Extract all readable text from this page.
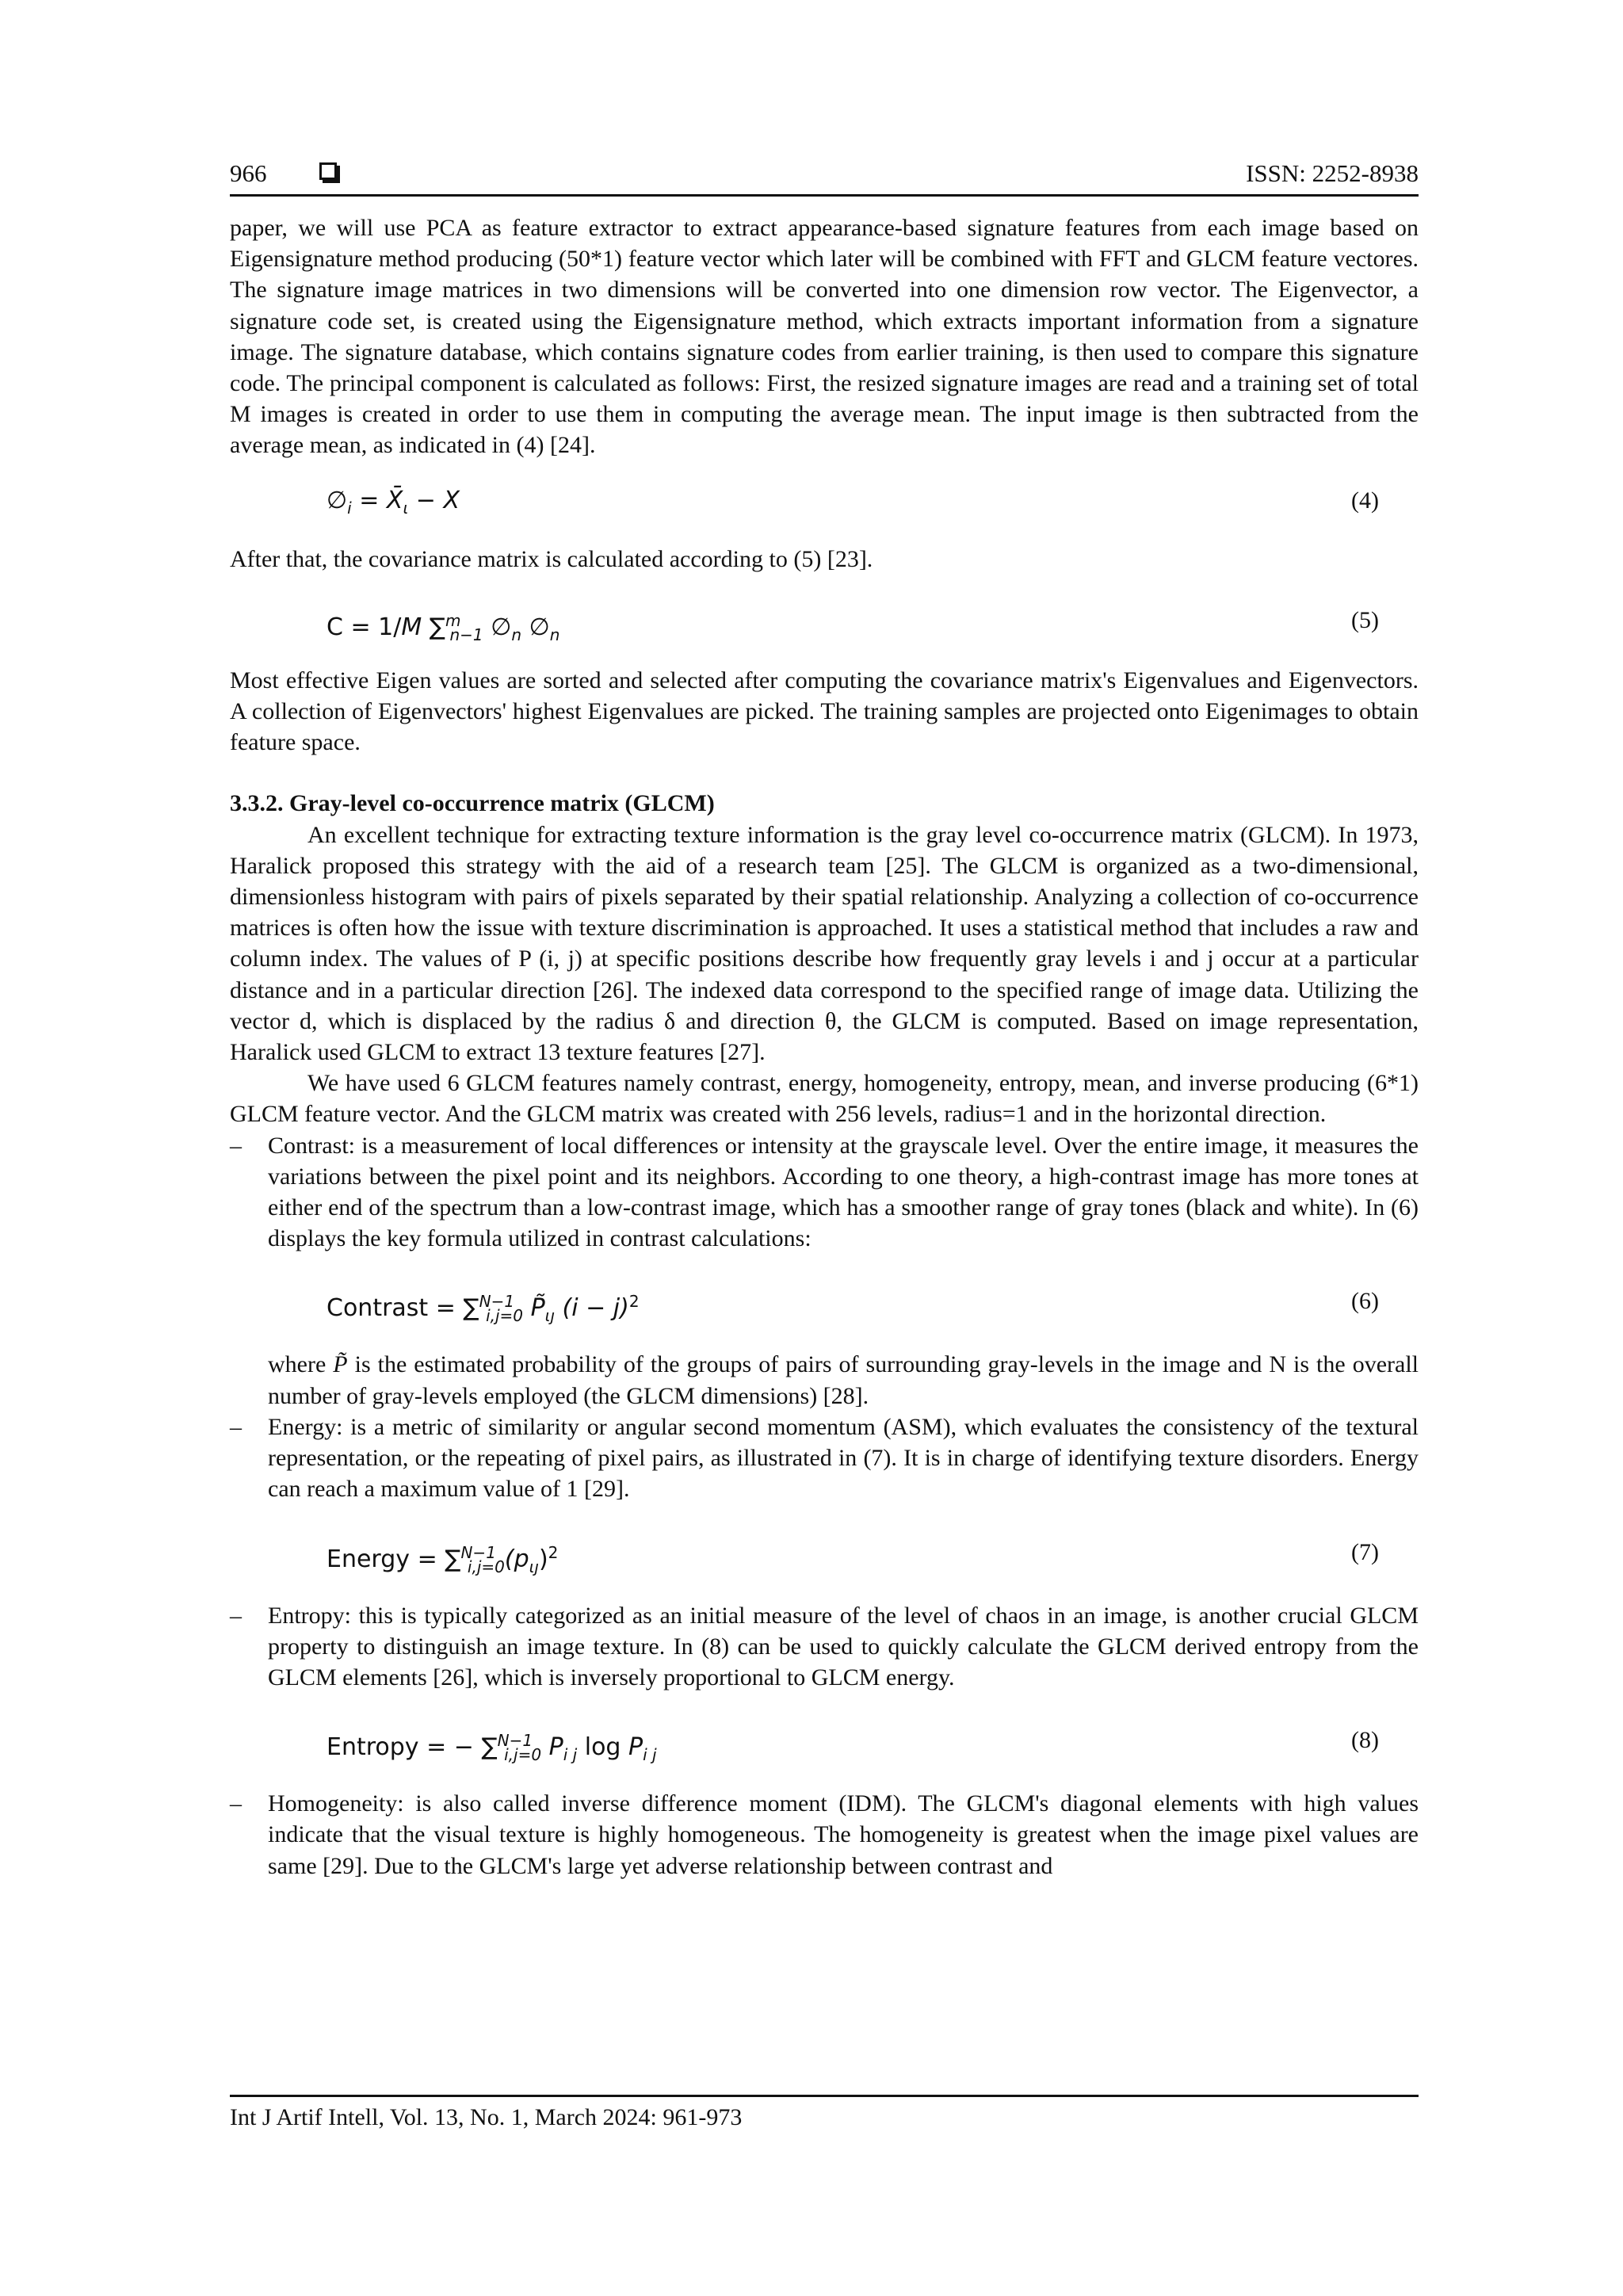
966	ISSN: 2252-8938

paper, we will use PCA as feature extractor to extract appearance-based signature features from each image based on Eigensignature method producing (50*1) feature vector which later will be combined with FFT and GLCM feature vectores. The signature image matrices in two dimensions will be converted into one dimension row vector. The Eigenvector, a signature code set, is created using the Eigensignature method, which extracts important information from a signature image. The signature database, which contains signature codes from earlier training, is then used to compare this signature code. The principal component is calculated as follows: First, the resized signature images are read and a training set of total M images is created in order to use them in computing the average mean. The input image is then subtracted from the average mean, as indicated in (4) [24].

$\emptyset_i$ = $X̄_\iota - X$	(4)

After that, the covariance matrix is calculated according to (5) [23].

C = 1/M ∑$^m_{n-1}$ $\emptyset_n$ $\emptyset_n$
(5)

Most effective Eigen values are sorted and selected after computing the covariance matrix's Eigenvalues and Eigenvectors. A collection of Eigenvectors' highest Eigenvalues are picked. The training samples are projected onto Eigenimages to obtain feature space.

3.3.2. Gray-level co-occurrence matrix (GLCM)

An excellent technique for extracting texture information is the gray level co-occurrence matrix (GLCM). In 1973, Haralick proposed this strategy with the aid of a research team [25]. The GLCM is organized as a two-dimensional, dimensionless histogram with pairs of pixels separated by their spatial relationship. Analyzing a collection of co-occurrence matrices is often how the issue with texture discrimination is approached. It uses a statistical method that includes a raw and column index. The values of P (i, j) at specific positions describe how frequently gray levels i and j occur at a particular distance and in a particular direction [26]. The indexed data correspond to the specified range of image data. Utilizing the vector d, which is displaced by the radius δ and direction θ, the GLCM is computed. Based on image representation, Haralick used GLCM to extract 13 texture features [27].

We have used 6 GLCM features namely contrast, energy, homogeneity, entropy, mean, and inverse producing (6*1) GLCM feature vector. And the GLCM matrix was created with 256 levels, radius=1 and in the horizontal direction.

– Contrast: is a measurement of local differences or intensity at the grayscale level. Over the entire image, it measures the variations between the pixel point and its neighbors. According to one theory, a high-contrast image has more tones at either end of the spectrum than a low-contrast image, which has a smoother range of gray tones (black and white). In (6) displays the key formula utilized in contrast calculations:
Contrast = ∑$^{N-1}_{i,j=0}$ $P̃_{\iota ȷ}$ $(i - j)^2$	(6)

where P̃ is the estimated probability of the groups of pairs of surrounding gray-levels in the image and N is the overall number of gray-levels employed (the GLCM dimensions) [28].

– Energy: is a metric of similarity or angular second momentum (ASM), which evaluates the consistency of the textural representation, or the repeating of pixel pairs, as illustrated in (7). It is in charge of identifying texture disorders. Energy can reach a maximum value of 1 [29].
Energy = $\sum^{N-1}_{i,j=0}(p_{\iota ȷ})^2$	(7)
– Entropy: this is typically categorized as an initial measure of the level of chaos in an image, is another crucial GLCM property to distinguish an image texture. In (8) can be used to quickly calculate the GLCM derived entropy from the GLCM elements [26], which is inversely proportional to GLCM energy.
Entropy = − ∑$^{N-1}_{i,j=0}$ $P_{i j}$ $\log P_{i j}$
(8)
– Homogeneity: is also called inverse difference moment (IDM). The GLCM's diagonal elements with high values indicate that the visual texture is highly homogeneous. The homogeneity is greatest when the image pixel values are same [29]. Due to the GLCM's large yet adverse relationship between contrast and
Int J Artif Intell, Vol. 13, No. 1, March 2024: 961-973
